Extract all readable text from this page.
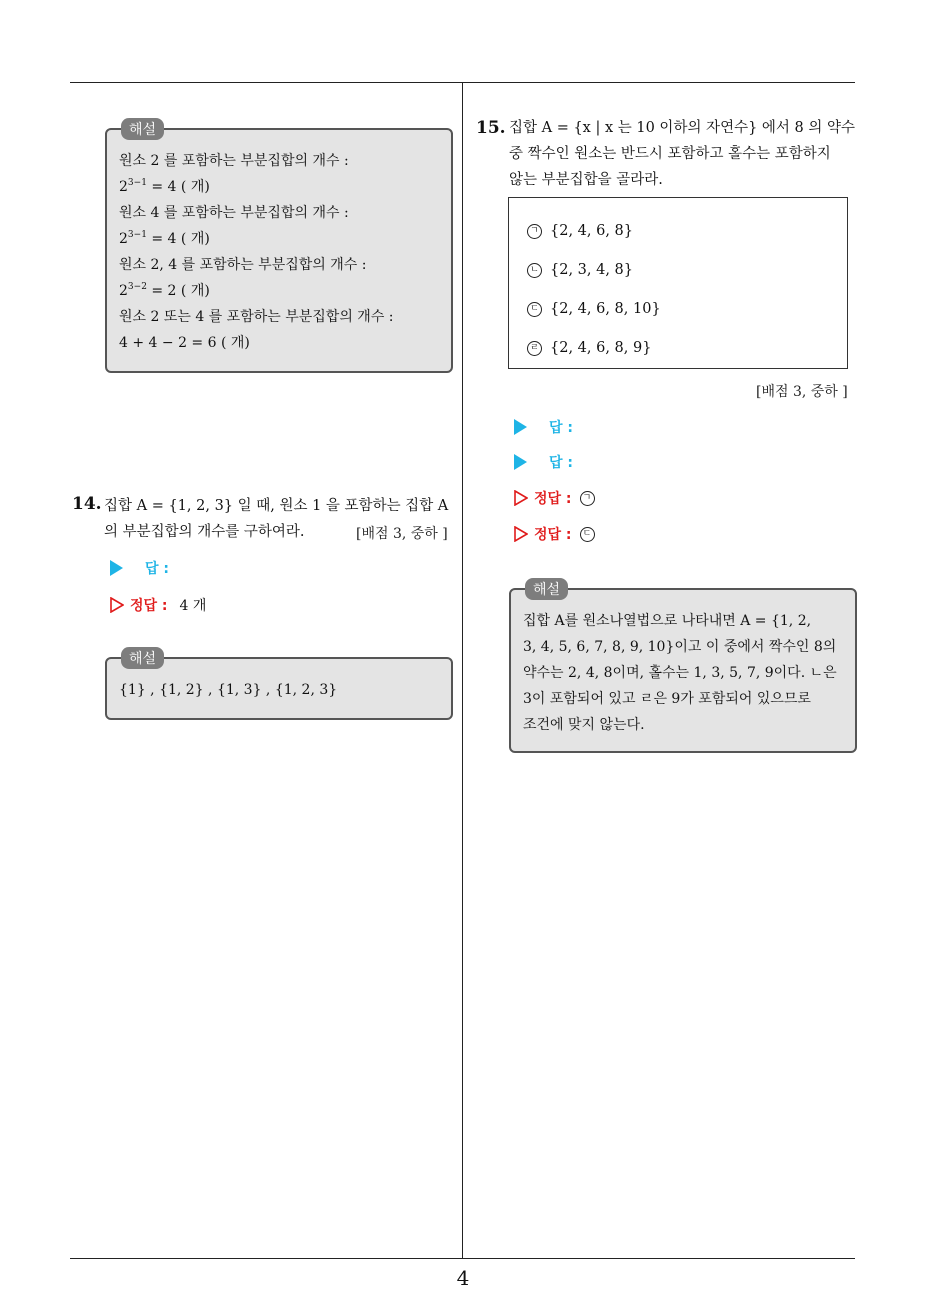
4
해설
원소 2 를 포함하는 부분집합의 개수 :
$2^{3-1} = 4$ ( 개)
원소 4 를 포함하는 부분집합의 개수 :
$2^{3-1} = 4$ ( 개)
원소 2, 4 를 포함하는 부분집합의 개수 :
$2^{3-2} = 2$ ( 개)
원소 2 또는 4 를 포함하는 부분집합의 개수 :
4 + 4 − 2 = 6 ( 개)
14. 집합 A = {1, 2, 3} 일 때, 원소 1 을 포함하는 집합 A
의 부분집합의 개수를 구하여라.	[배점 3, 중하 ]
답 :
정답 : 4 개
해설
{1} , {1, 2} , {1, 3} , {1, 2, 3}
15. 집합 A = {x | x 는 10 이하의 자연수} 에서 8 의 약수
중 짝수인 원소는 반드시 포함하고 홀수는 포함하지
않는 부분집합을 골라라.
ㄱ {2, 4, 6, 8}
ㄴ {2, 3, 4, 8}
ㄷ {2, 4, 6, 8, 10}
ㄹ {2, 4, 6, 8, 9}
[배점 3, 중하 ]
답 :
답 :
정답 :	ㄱ
정답 :	ㄷ
해설
집합 A를 원소나열법으로 나타내면 A = {1, 2,
3, 4, 5, 6, 7, 8, 9, 10}이고 이 중에서 짝수인 8의
약수는 2, 4, 8이며, 홀수는 1, 3, 5, 7, 9이다. ㄴ은
3이 포함되어 있고 ㄹ은 9가 포함되어 있으므로
조건에 맞지 않는다.
